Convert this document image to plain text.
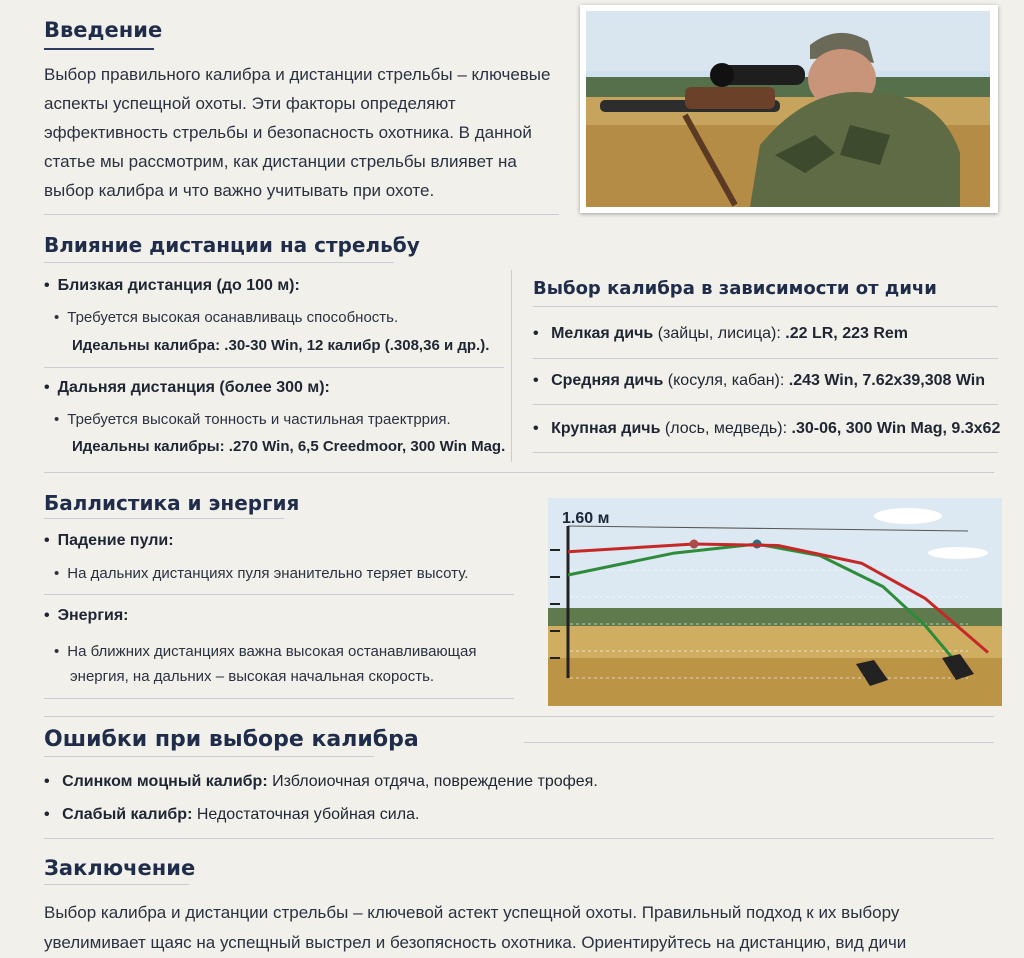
Введение
Выбор правильного калибра и дистанции стрельбы – ключевые аспекты успещной охоты. Эти факторы определяют эффективность стрельбы и безопасность охотника. В данной статье мы рассмотрим, как дистанции стрельбы влиявет на выбор калибра и что важно учитывать при охоте.
Влияние дистанции на стрельбу
• Близкая дистанция (до 100 м):
• Требуется высокая осанавливаць способность.
Идеальны калибра: .30-30 Win, 12 калибр (.308,36 и др.).
• Дальняя дистанция (более 300 м):
• Требуется высокай тонность и частильная траектррия.
Идеальны калибры: .270 Win, 6,5 Creedmoor, 300 Win Mag.
Выбор калибра в зависимости от дичи
• Мелкая дичь (зайцы, лисица): .22 LR, 223 Rem
• Средняя дичь (косуля, кабан): .243 Win, 7.62x39,308 Win
• Крупная дичь (лось, медведь): .30-06, 300 Win Mag, 9.3x62
Баллистика и энергия
• Падение пули:
• На дальних дистанциях пуля энанительно теряет высоту.
• Энергия:
• На ближних дистанциях важна высокая останавливающая
энергия, на дальних – высокая начальная скорость.
1.60 м
Ошибки при выборе калибра
• Слинком моцный калибр: Изблоиочная отдяча, повреждение трофея.
• Слабый калибр: Недостаточная убойная сила.
Заключение
Выбор калибра и дистанции стрельбы – ключевой астект успещной охоты. Правильный подход к их выбору увелимивает щаяс на успещный выстрел и безопясность охотника. Ориентируйтесь на дистанцию, вид дичи
